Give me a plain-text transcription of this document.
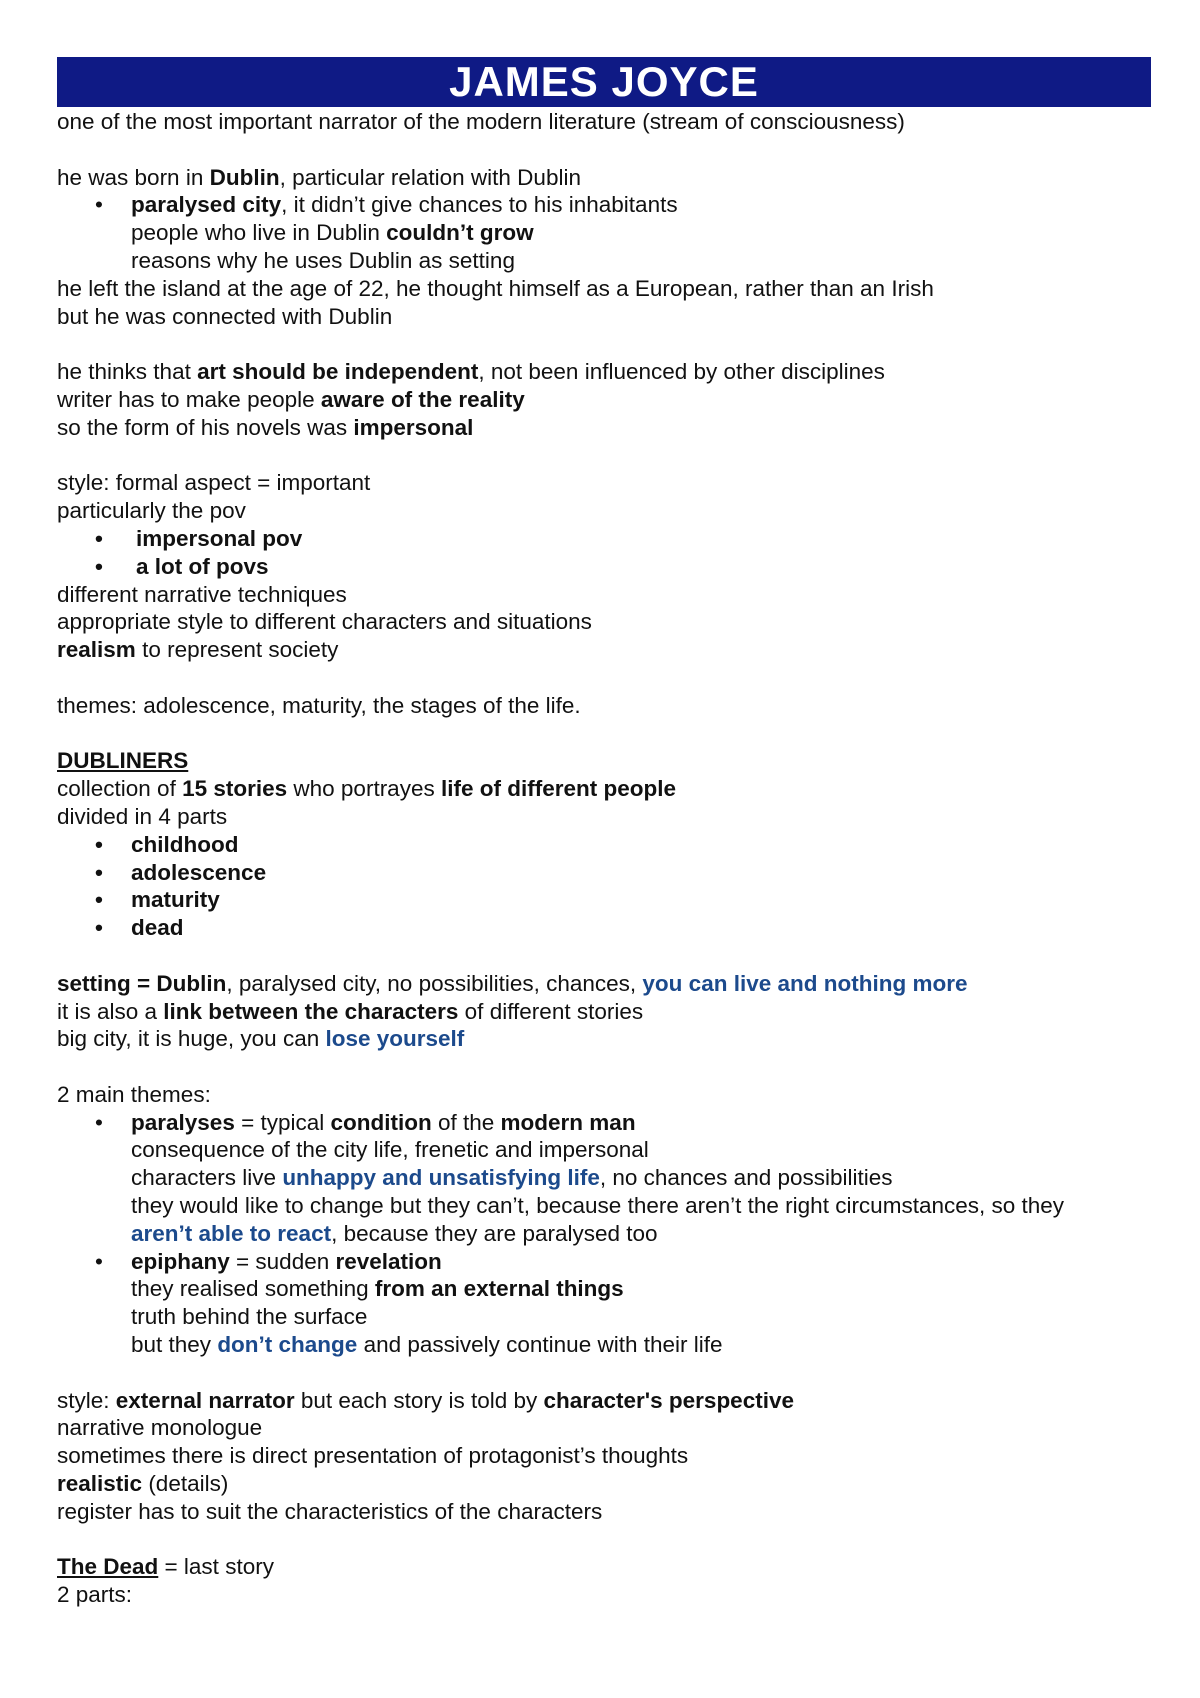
JAMES JOYCE
one of the most important narrator of the modern literature (stream of consciousness)
he was born in Dublin, particular relation with Dublin
• paralysed city, it didn’t give chances to his inhabitants
people who live in Dublin couldn’t grow
reasons why he uses Dublin as setting
he left the island at the age of 22, he thought himself as a European, rather than an Irish
but he was connected with Dublin
he thinks that art should be independent, not been influenced by other disciplines
writer has to make people aware of the reality
so the form of his novels was impersonal
style: formal aspect = important
particularly the pov
• impersonal pov
• a lot of povs
different narrative techniques
appropriate style to different characters and situations
realism to represent society
themes: adolescence, maturity, the stages of the life.
DUBLINERS
collection of 15 stories who portrayes life of different people
divided in 4 parts
• childhood
• adolescence
• maturity
• dead
setting = Dublin, paralysed city, no possibilities, chances, you can live and nothing more
it is also a link between the characters of different stories
big city, it is huge, you can lose yourself
2 main themes:
• paralyses = typical condition of the modern man
consequence of the city life, frenetic and impersonal
characters live unhappy and unsatisfying life, no chances and possibilities
they would like to change but they can’t, because there aren’t the right circumstances, so they
aren’t able to react, because they are paralysed too
• epiphany = sudden revelation
they realised something from an external things
truth behind the surface
but they don’t change and passively continue with their life
style: external narrator but each story is told by character's perspective
narrative monologue
sometimes there is direct presentation of protagonist’s thoughts
realistic (details)
register has to suit the characteristics of the characters
The Dead = last story
2 parts:
